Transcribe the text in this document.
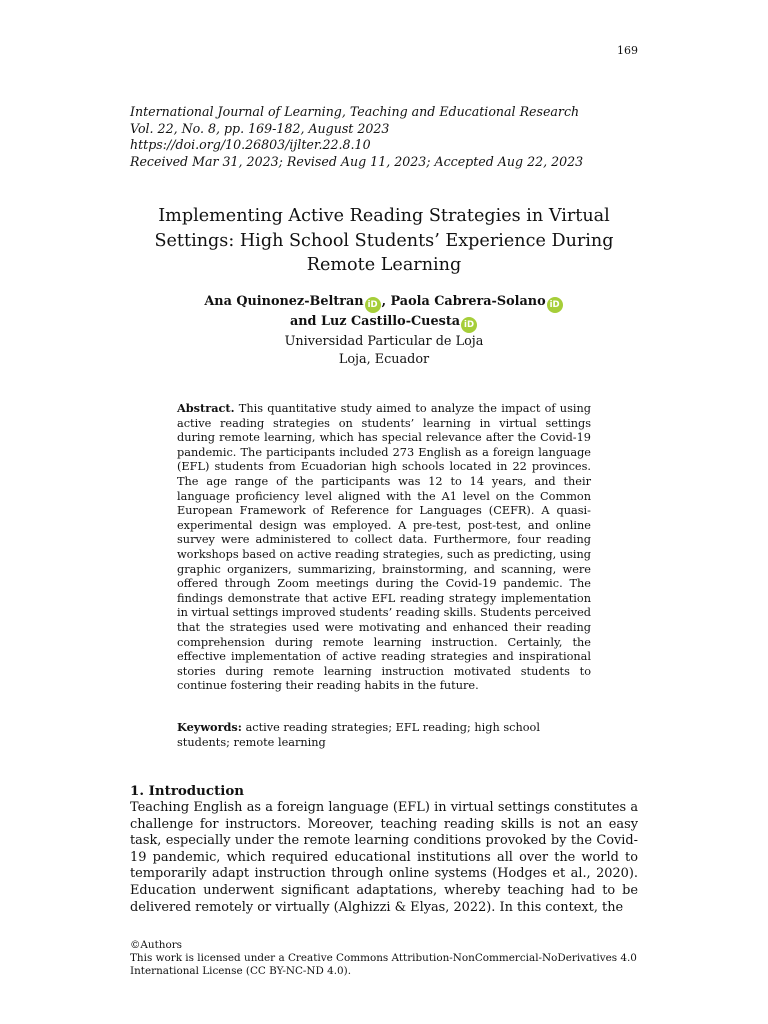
169
International Journal of Learning, Teaching and Educational Research
Vol. 22, No. 8, pp. 169-182, August 2023
https://doi.org/10.26803/ijlter.22.8.10
Received Mar 31, 2023; Revised Aug 11, 2023; Accepted Aug 22, 2023
Implementing Active Reading Strategies in Virtual Settings: High School Students’ Experience During Remote Learning
Ana Quinonez-Beltran iD , Paola Cabrera-Solano iD
and Luz Castillo-Cuesta iD
Universidad Particular de Loja
Loja, Ecuador
Abstract. This quantitative study aimed to analyze the impact of using active reading strategies on students’ learning in virtual settings during remote learning, which has special relevance after the Covid-19 pandemic. The participants included 273 English as a foreign language (EFL) students from Ecuadorian high schools located in 22 provinces. The age range of the participants was 12 to 14 years, and their language proficiency level aligned with the A1 level on the Common European Framework of Reference for Languages (CEFR). A quasi-experimental design was employed. A pre-test, post-test, and online survey were administered to collect data. Furthermore, four reading workshops based on active reading strategies, such as predicting, using graphic organizers, summarizing, brainstorming, and scanning, were offered through Zoom meetings during the Covid-19 pandemic. The findings demonstrate that active EFL reading strategy implementation in virtual settings improved students’ reading skills. Students perceived that the strategies used were motivating and enhanced their reading comprehension during remote learning instruction. Certainly, the effective implementation of active reading strategies and inspirational stories during remote learning instruction motivated students to continue fostering their reading habits in the future.
Keywords: active reading strategies; EFL reading; high school students; remote learning
1. Introduction
Teaching English as a foreign language (EFL) in virtual settings constitutes a challenge for instructors. Moreover, teaching reading skills is not an easy task, especially under the remote learning conditions provoked by the Covid-19 pandemic, which required educational institutions all over the world to temporarily adapt instruction through online systems (Hodges et al., 2020). Education underwent significant adaptations, whereby teaching had to be delivered remotely or virtually (Alghizzi & Elyas, 2022). In this context, the
©Authors
This work is licensed under a Creative Commons Attribution-NonCommercial-NoDerivatives 4.0 International License (CC BY-NC-ND 4.0).
